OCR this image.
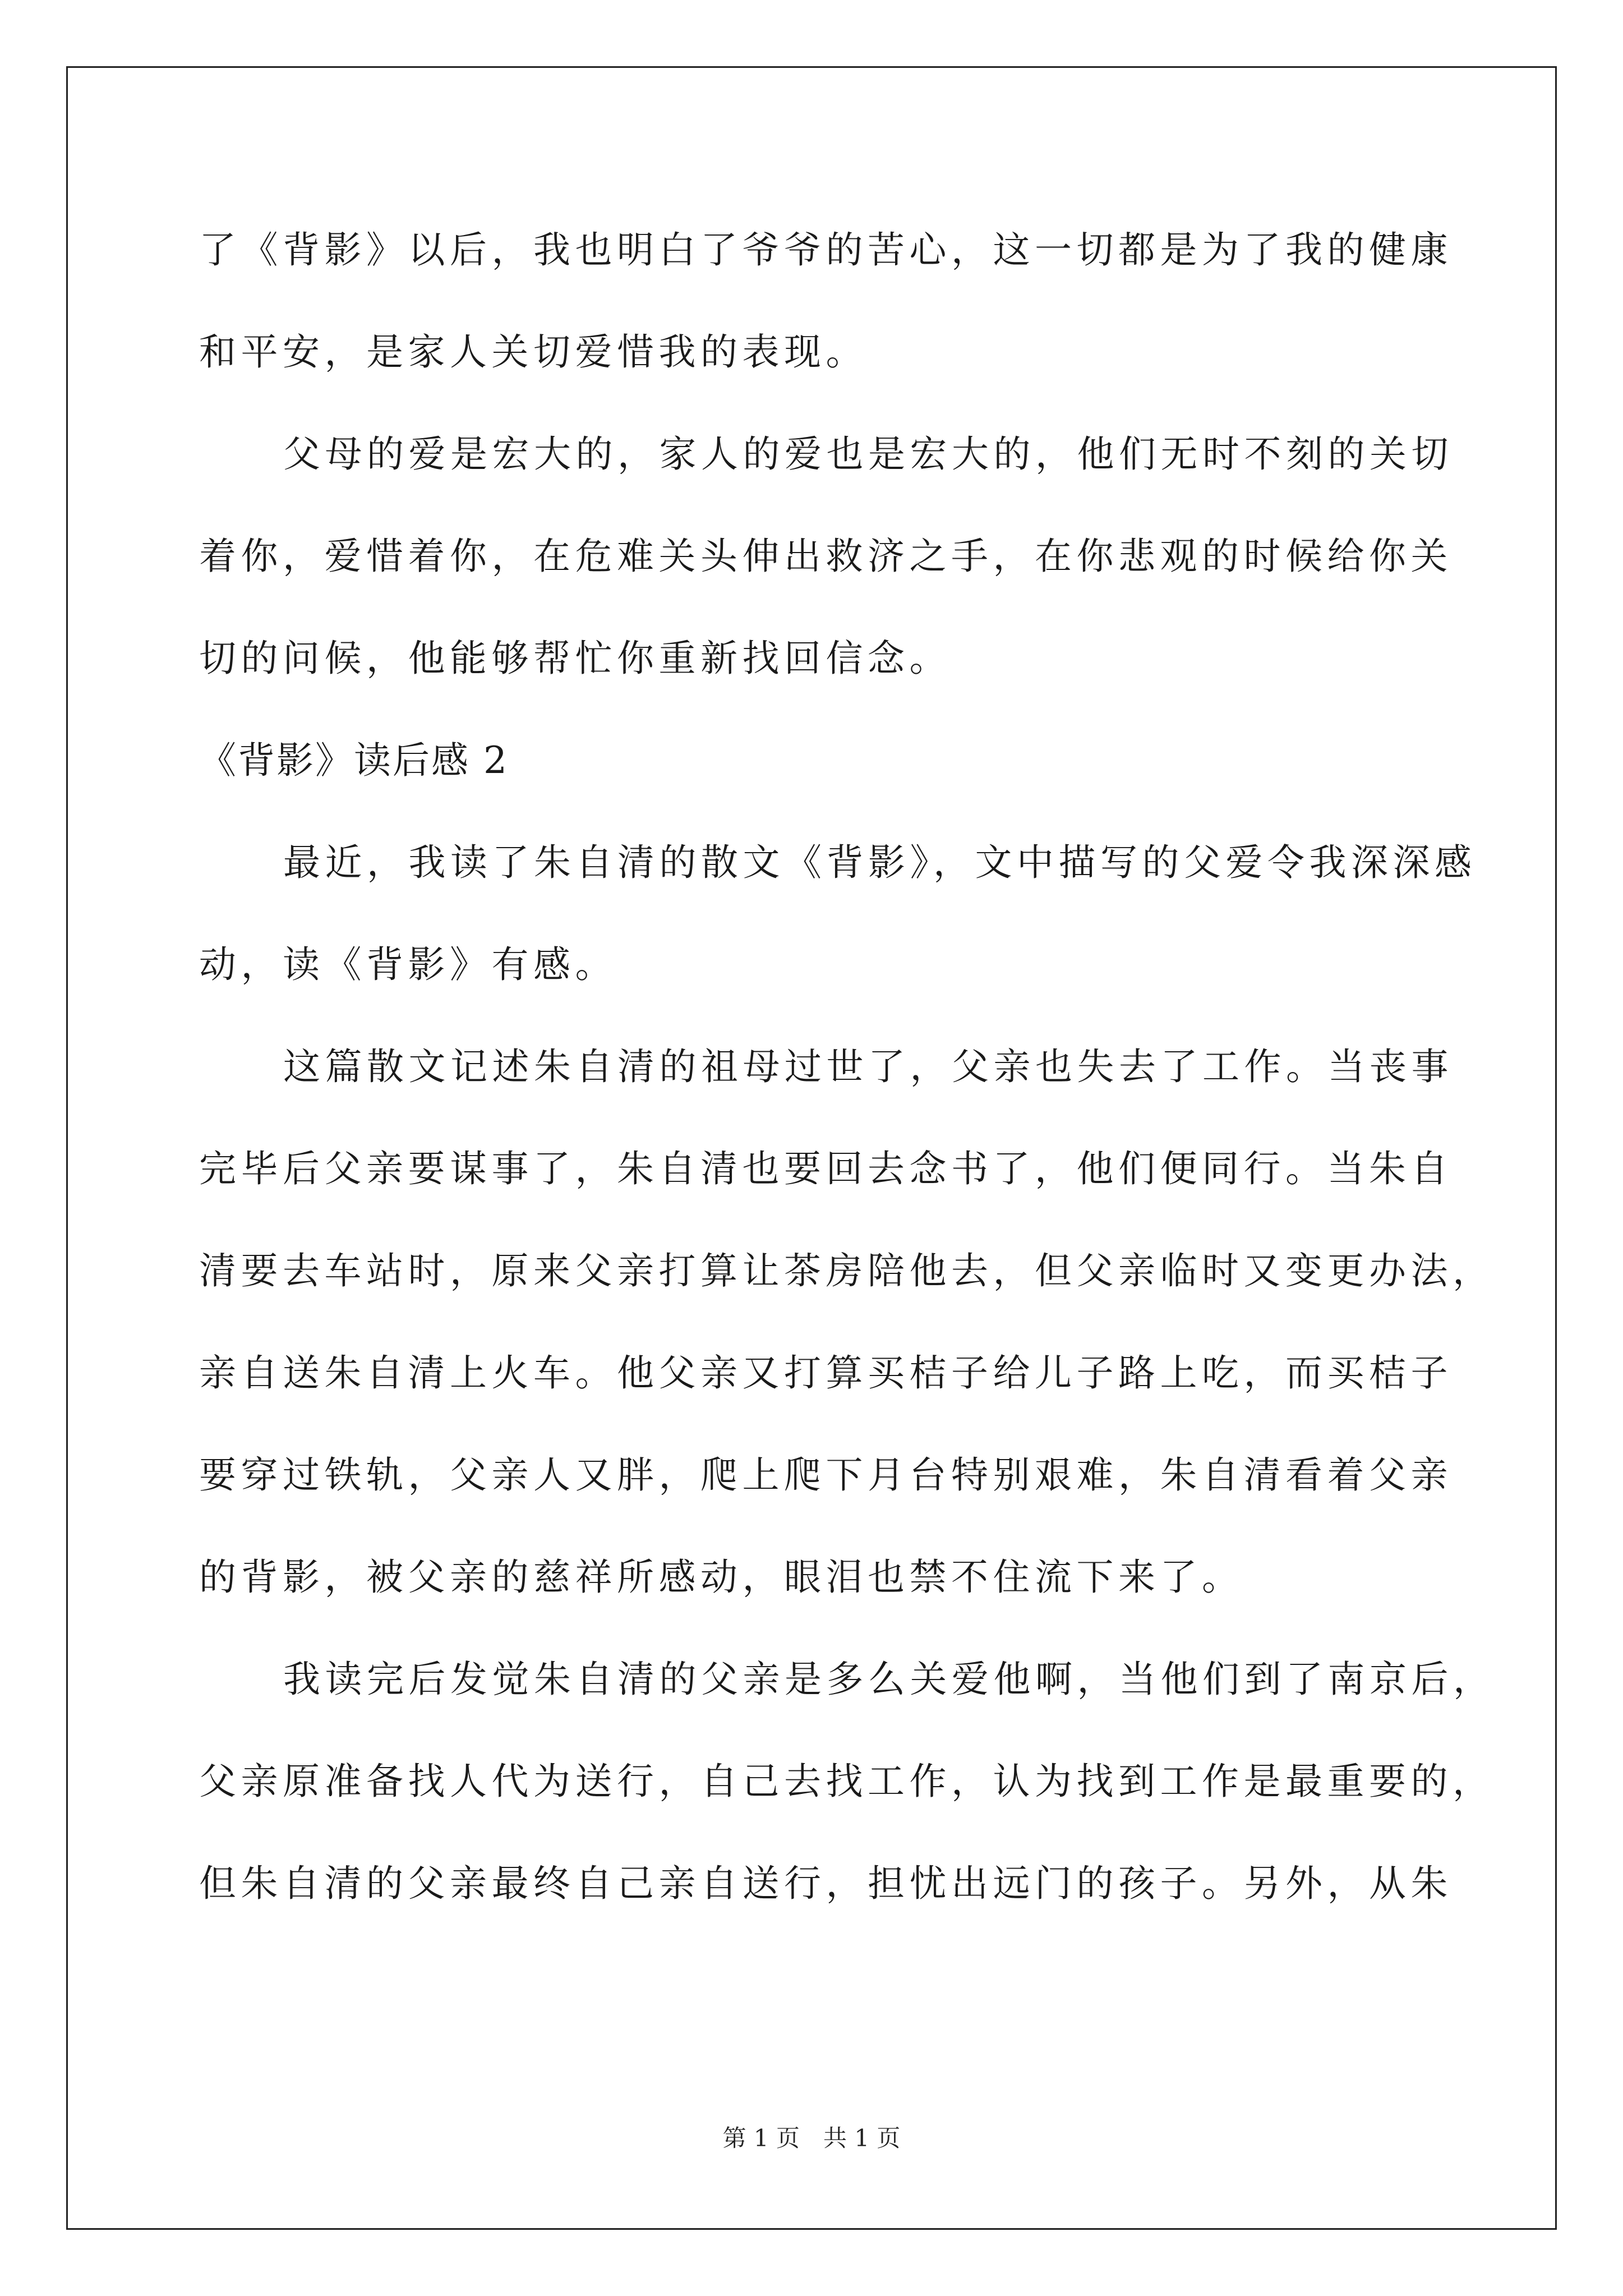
了《背影》以后，我也明白了爷爷的苦心，这一切都是为了我的健康
和平安，是家人关切爱惜我的表现。
父母的爱是宏大的，家人的爱也是宏大的，他们无时不刻的关切
着你，爱惜着你，在危难关头伸出救济之手，在你悲观的时候给你关
切的问候，他能够帮忙你重新找回信念。
《背影》读后感 2
最近，我读了朱自清的散文《背影》，文中描写的父爱令我深深感
动，读《背影》有感。
这篇散文记述朱自清的祖母过世了，父亲也失去了工作。当丧事
完毕后父亲要谋事了，朱自清也要回去念书了，他们便同行。当朱自
清要去车站时，原来父亲打算让茶房陪他去，但父亲临时又变更办法，
亲自送朱自清上火车。他父亲又打算买桔子给儿子路上吃，而买桔子
要穿过铁轨，父亲人又胖，爬上爬下月台特别艰难，朱自清看着父亲
的背影，被父亲的慈祥所感动，眼泪也禁不住流下来了。
我读完后发觉朱自清的父亲是多么关爱他啊，当他们到了南京后，
父亲原准备找人代为送行，自己去找工作，认为找到工作是最重要的，
但朱自清的父亲最终自己亲自送行，担忧出远门的孩子。另外，从朱
第 1 页　共 1 页
